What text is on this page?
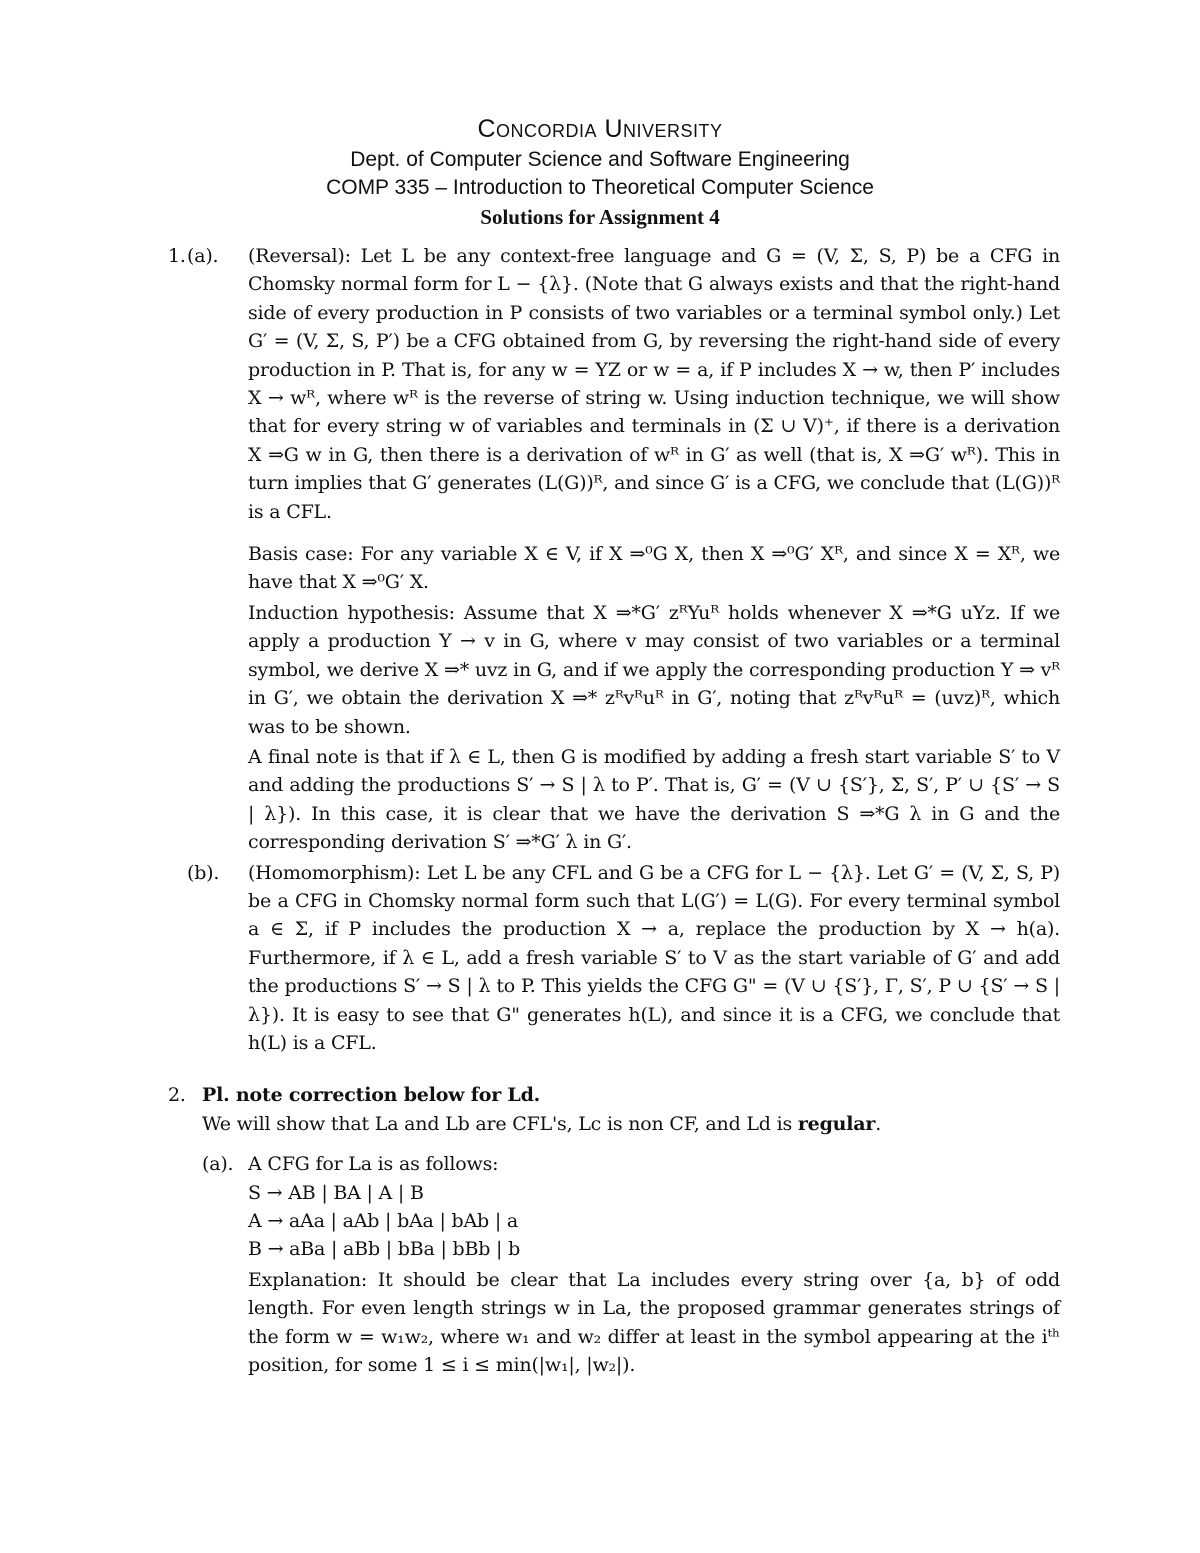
Concordia University
Dept. of Computer Science and Software Engineering
COMP 335 – Introduction to Theoretical Computer Science
Solutions for Assignment 4
1. (a). (Reversal): Let L be any context-free language and G = (V, Σ, S, P) be a CFG in Chomsky normal form for L − {λ}. (Note that G always exists and that the right-hand side of every production in P consists of two variables or a terminal symbol only.) Let G′ = (V, Σ, S, P′) be a CFG obtained from G, by reversing the right-hand side of every production in P. That is, for any w = YZ or w = a, if P includes X → w, then P′ includes X → wᴿ, where wᴿ is the reverse of string w. Using induction technique, we will show that for every string w of variables and terminals in (Σ ∪ V)⁺, if there is a derivation X ⇒G w in G, then there is a derivation of wᴿ in G′ as well (that is, X ⇒G′ wᴿ). This in turn implies that G′ generates (L(G))ᴿ, and since G′ is a CFG, we conclude that (L(G))ᴿ is a CFL.

Basis case: For any variable X ∈ V, if X ⇒⁰G X, then X ⇒⁰G′ Xᴿ, and since X = Xᴿ, we have that X ⇒⁰G′ X.

Induction hypothesis: Assume that X ⇒*G′ zᴿYuᴿ holds whenever X ⇒*G uYz. If we apply a production Y → v in G, where v may consist of two variables or a terminal symbol, we derive X ⇒* uvz in G, and if we apply the corresponding production Y ⇒ vᴿ in G′, we obtain the derivation X ⇒* zᴿvᴿuᴿ in G′, noting that zᴿvᴿuᴿ = (uvz)ᴿ, which was to be shown.

A final note is that if λ ∈ L, then G is modified by adding a fresh start variable S′ to V and adding the productions S′ → S | λ to P′. That is, G′ = (V ∪ {S′}, Σ, S′, P′ ∪ {S′ → S | λ}). In this case, it is clear that we have the derivation S ⇒*G λ in G and the corresponding derivation S′ ⇒*G′ λ in G′.

(b). (Homomorphism): Let L be any CFL and G be a CFG for L − {λ}. Let G′ = (V, Σ, S, P) be a CFG in Chomsky normal form such that L(G′) = L(G). For every terminal symbol a ∈ Σ, if P includes the production X → a, replace the production by X → h(a). Furthermore, if λ ∈ L, add a fresh variable S′ to V as the start variable of G′ and add the productions S′ → S | λ to P. This yields the CFG G" = (V ∪ {S′}, Γ, S′, P ∪ {S′ → S | λ}). It is easy to see that G" generates h(L), and since it is a CFG, we conclude that h(L) is a CFL.

2. Pl. note correction below for Ld.

We will show that La and Lb are CFL's, Lc is non CF, and Ld is regular.

(a). A CFG for La is as follows:

S → AB | BA | A | B

A → aAa | aAb | bAa | bAb | a

B → aBa | aBb | bBa | bBb | b

Explanation: It should be clear that La includes every string over {a, b} of odd length. For even length strings w in La, the proposed grammar generates strings of the form w = w₁w₂, where w₁ and w₂ differ at least in the symbol appearing at the iᵗʰ position, for some 1 ≤ i ≤ min(|w₁|, |w₂|).
